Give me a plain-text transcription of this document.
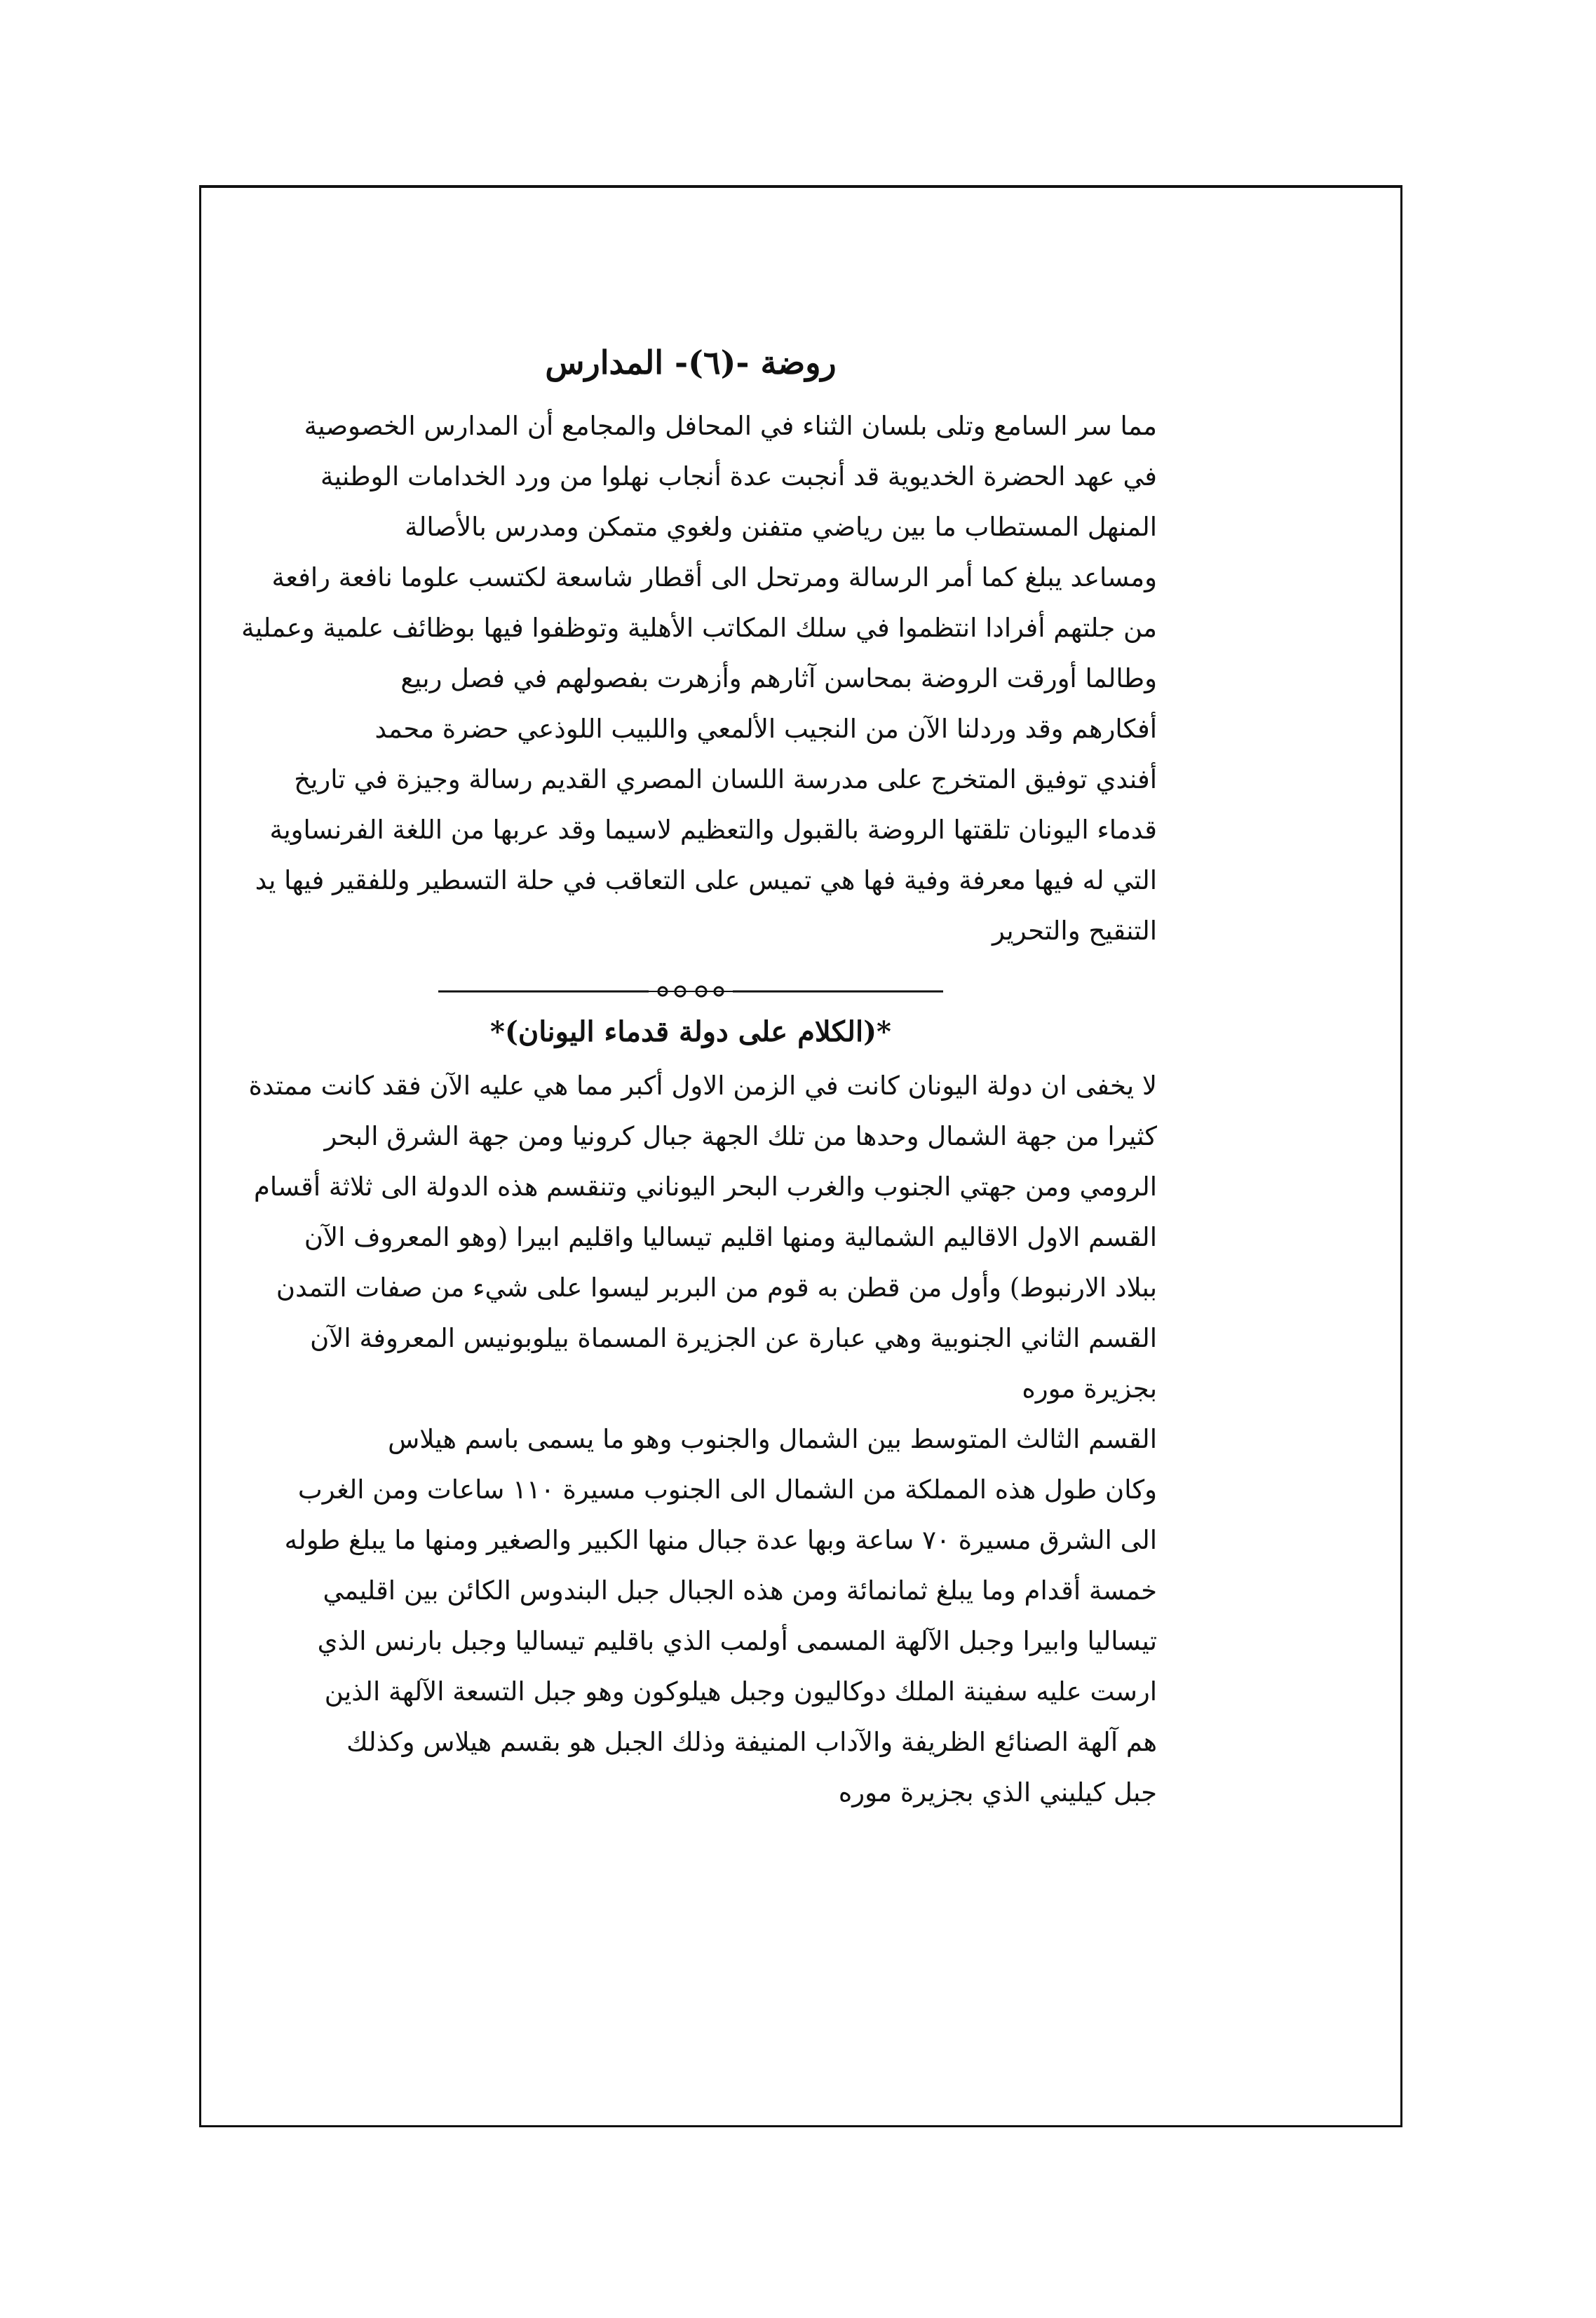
روضة -(٦)- المدارس
مما سر السامع وتلى بلسان الثناء في المحافل والمجامع أن المدارس الخصوصية
في عهد الحضرة الخديوية قد أنجبت عدة أنجاب نهلوا من ورد الخدامات الوطنية
المنهل المستطاب ما بين رياضي متفنن ولغوي متمكن ومدرس بالأصالة
ومساعد يبلغ كما أمر الرسالة ومرتحل الى أقطار شاسعة لكتسب علوما نافعة رافعة
من جلتهم أفرادا انتظموا في سلك المكاتب الأهلية وتوظفوا فيها بوظائف علمية وعملية
وطالما أورقت الروضة بمحاسن آثارهم وأزهرت بفصولهم في فصل ربيع
أفكارهم وقد وردلنا الآن من النجيب الألمعي واللبيب اللوذعي حضرة محمد
أفندي توفيق المتخرج على مدرسة اللسان المصري القديم رسالة وجيزة في تاريخ
قدماء اليونان تلقتها الروضة بالقبول والتعظيم لاسيما وقد عربها من اللغة الفرنساوية
التي له فيها معرفة وفية فها هي تميس على التعاقب في حلة التسطير وللفقير فيها يد
التنقيح والتحرير
*(الكلام على دولة قدماء اليونان)*
لا يخفى ان دولة اليونان كانت في الزمن الاول أكبر مما هي عليه الآن فقد كانت ممتدة
كثيرا من جهة الشمال وحدها من تلك الجهة جبال كرونيا ومن جهة الشرق البحر
الرومي ومن جهتي الجنوب والغرب البحر اليوناني وتنقسم هذه الدولة الى ثلاثة أقسام
القسم الاول الاقاليم الشمالية ومنها اقليم تيساليا واقليم ابيرا (وهو المعروف الآن
ببلاد الارنبوط) وأول من قطن به قوم من البربر ليسوا على شيء من صفات التمدن
القسم الثاني الجنوبية وهي عبارة عن الجزيرة المسماة بيلوبونيس المعروفة الآن
بجزيرة موره
القسم الثالث المتوسط بين الشمال والجنوب وهو ما يسمى باسم هيلاس
وكان طول هذه المملكة من الشمال الى الجنوب مسيرة ١١٠ ساعات ومن الغرب
الى الشرق مسيرة ٧٠ ساعة وبها عدة جبال منها الكبير والصغير ومنها ما يبلغ طوله
خمسة أقدام وما يبلغ ثمانمائة ومن هذه الجبال جبل البندوس الكائن بين اقليمي
تيساليا وابيرا وجبل الآلهة المسمى أولمب الذي باقليم تيساليا وجبل بارنس الذي
ارست عليه سفينة الملك دوكاليون وجبل هيلوكون وهو جبل التسعة الآلهة الذين
هم آلهة الصنائع الظريفة والآداب المنيفة وذلك الجبل هو بقسم هيلاس وكذلك
جبل كيليني الذي بجزيرة موره
